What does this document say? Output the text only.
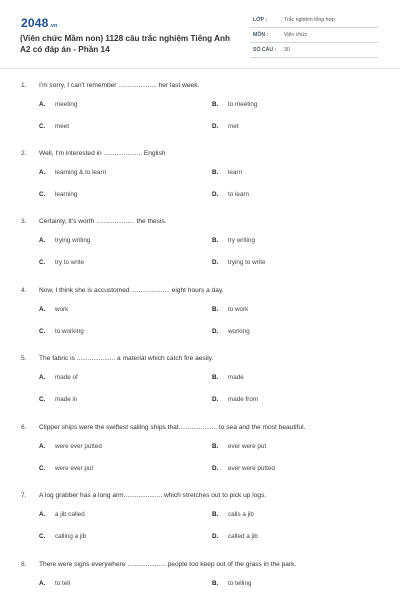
2048.vn
(Viên chức Mầm non) 1128 câu trắc nghiệm Tiếng Anh A2 có đáp án - Phần 14
LỚP :	Trắc nghiệm tổng hợp
MÔN :	Viên chức
SỐ CÂU : 30
1. I'm sorry, I can't remember ..................... her last week.
A. meeting	B. to meeting
C. meet	D. met
2. Well, I'm interested in ..................... English
A. learning & to learn	B. learn
C. learning	D. to learn
3. Certainly, It's worth ..................... the thesis.
A. trying writing	B. try writing
C. try to write	D. trying to write
4. Now, I think she is accustomed ..................... eight hours a day.
A. work	B. to work
C. to working	D. working
5. The fabric is ..................... a material which catch fire aesily.
A. made of	B. made
C. made in	D. made from
6. Clipper ships were the swiftest sailing ships that..................... to sea and the most beautiful.
A. were ever putted	B. ever were put
C. were ever put	D. ever were putted
7. A log grabber has a long arm..................... which stretches out to pick up logs.
A. a jib called	B. calls a jib
C. calling a jib	D. called a jib
8. There were signs everywhere ..................... people too keep out of the grass in the park.
A. to tell	B. to telling
